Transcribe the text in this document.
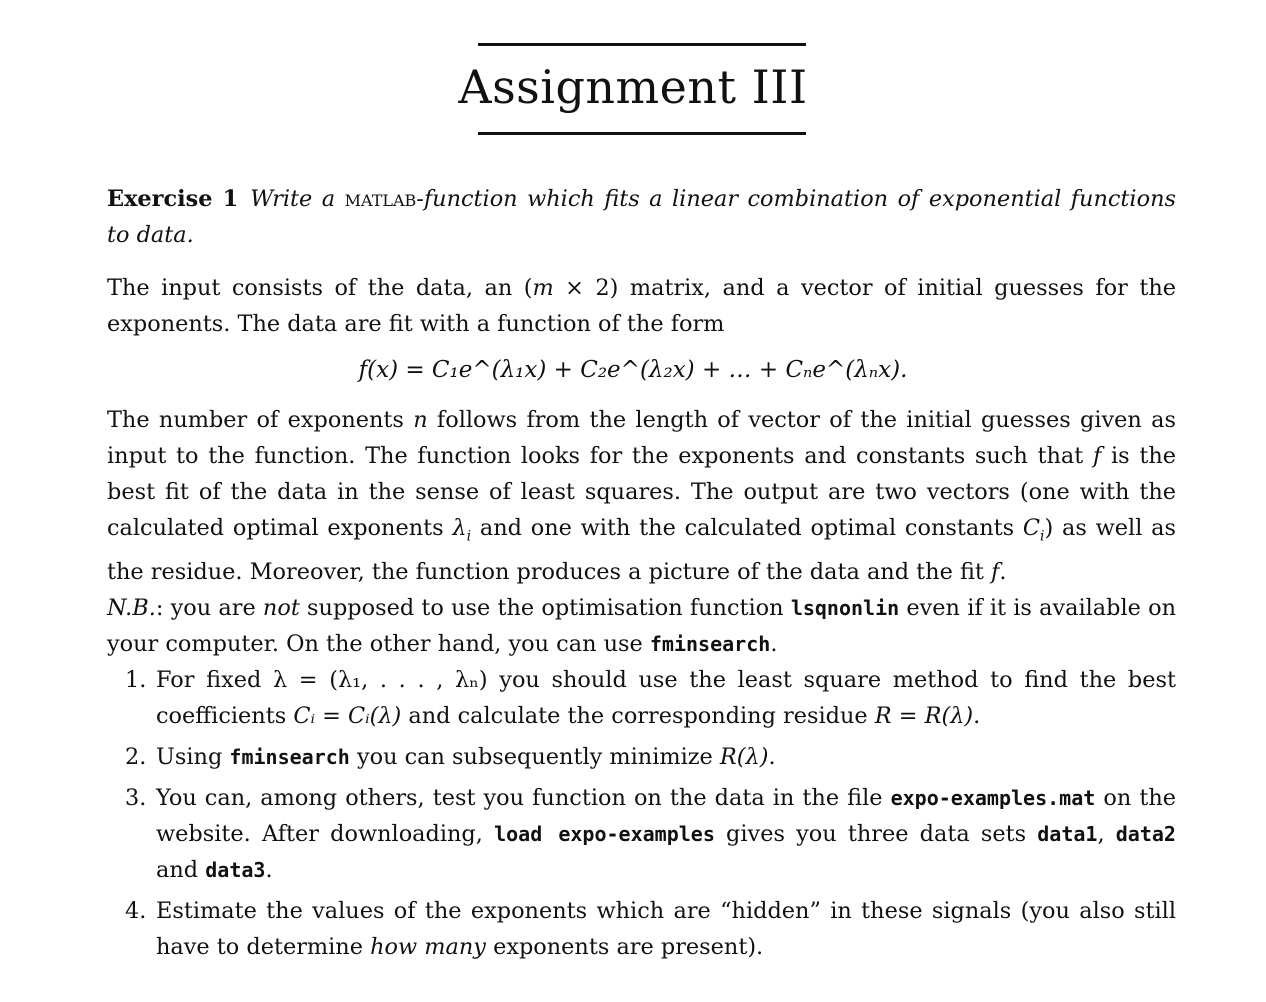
Assignment III
Exercise 1 Write a matlab-function which fits a linear combination of exponential functions to data.
The input consists of the data, an (m × 2) matrix, and a vector of initial guesses for the exponents. The data are fit with a function of the form
f(x) = C₁e^(λ₁x) + C₂e^(λ₂x) + … + Cₙe^(λₙx).
The number of exponents n follows from the length of vector of the initial guesses given as input to the function. The function looks for the exponents and constants such that f is the best fit of the data in the sense of least squares. The output are two vectors (one with the calculated optimal exponents $\lambda_i$ and one with the calculated optimal constants $C_i$) as well as the residue. Moreover, the function produces a picture of the data and the fit f.
N.B.: you are not supposed to use the optimisation function lsqnonlin even if it is available on your computer. On the other hand, you can use fminsearch.
1. For fixed λ = (λ₁, . . . , λₙ) you should use the least square method to find the best coefficients Cᵢ = Cᵢ(λ) and calculate the corresponding residue R = R(λ).
2. Using fminsearch you can subsequently minimize R(λ).
3. You can, among others, test you function on the data in the file expo-examples.mat on the website. After downloading, load expo-examples gives you three data sets data1, data2 and data3.
4. Estimate the values of the exponents which are “hidden” in these signals (you also still have to determine how many exponents are present).
